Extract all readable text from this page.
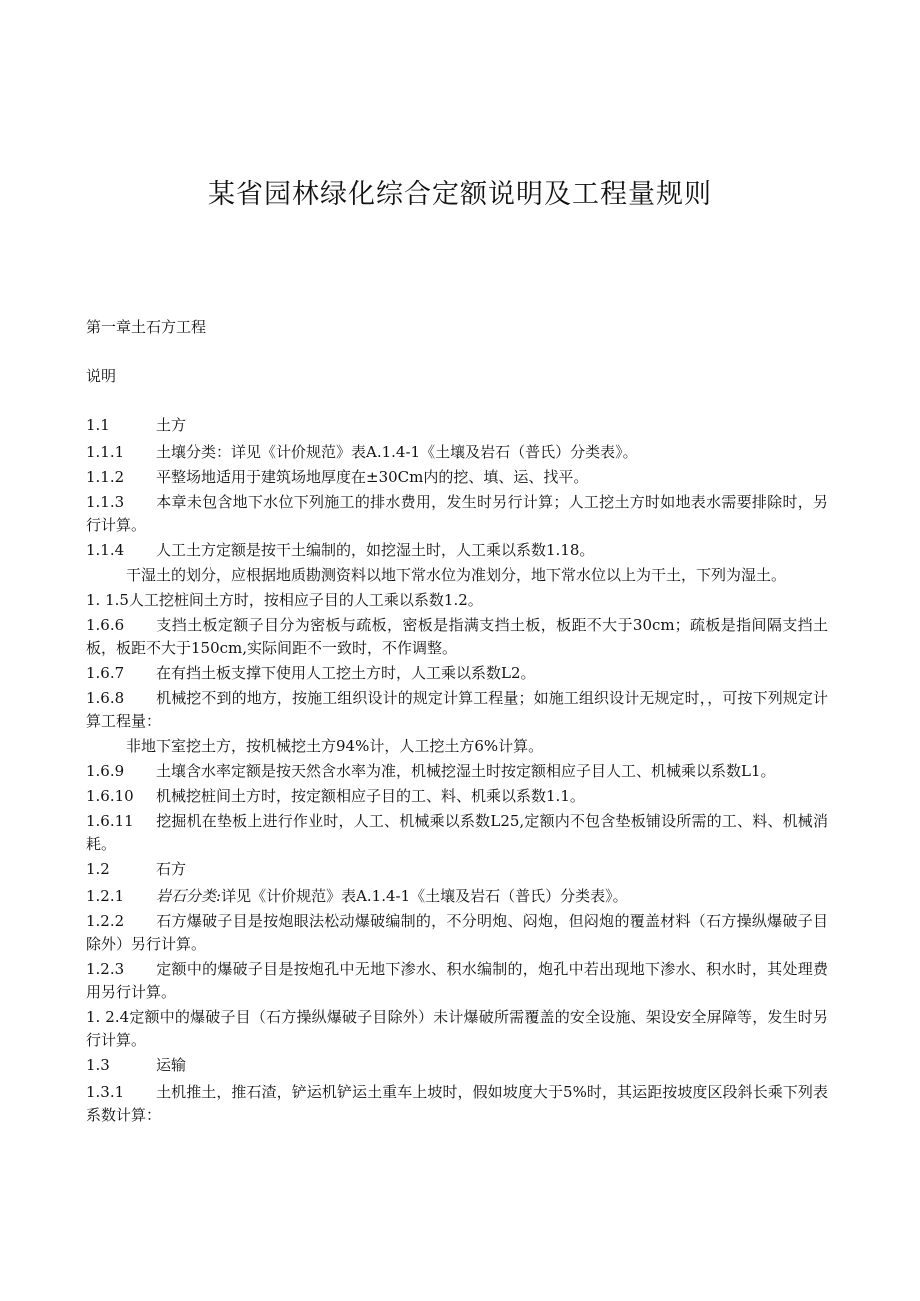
某省园林绿化综合定额说明及工程量规则
第一章土石方工程
说明

1.1	土方

1.1.1 土壤分类：详见《计价规范》表A.1.4-1《土壤及岩石（普氏）分类表》。

1.1.2 平整场地适用于建筑场地厚度在±30Cm内的挖、填、运、找平。

1.1.3 本章未包含地下水位下列施工的排水费用，发生时另行计算；人工挖土方时如地表水需要排除时，另行计算。

1.1.4 人工土方定额是按干土编制的，如挖湿土时，人工乘以系数1.18。

干湿土的划分，应根据地质勘测资料以地下常水位为准划分，地下常水位以上为干土，下列为湿土。

1. 1.5人工挖桩间土方时，按相应子目的人工乘以系数1.2。

1.6.6 支挡土板定额子目分为密板与疏板，密板是指满支挡土板，板距不大于30cm；疏板是指间隔支挡土板，板距不大于150cm,实际间距不一致时，不作调整。

1.6.7 在有挡土板支撑下使用人工挖土方时，人工乘以系数L2。

1.6.8 机械挖不到的地方，按施工组织设计的规定计算工程量；如施工组织设计无规定时，，可按下列规定计算工程量：

非地下室挖土方，按机械挖土方94%计，人工挖土方6%计算。

1.6.9 土壤含水率定额是按天然含水率为准，机械挖湿土时按定额相应子目人工、机械乘以系数L1。

1.6.10 机械挖桩间土方时，按定额相应子目的工、料、机乘以系数1.1。

1.6.11 挖掘机在垫板上进行作业时，人工、机械乘以系数L25,定额内不包含垫板铺设所需的工、料、机械消耗。

1.2	石方

1.2.1 岩石分类:详见《计价规范》表A.1.4-1《土壤及岩石（普氏）分类表》。

1.2.2 石方爆破子目是按炮眼法松动爆破编制的，不分明炮、闷炮，但闷炮的覆盖材料（石方操纵爆破子目除外）另行计算。

1.2.3 定额中的爆破子目是按炮孔中无地下渗水、积水编制的，炮孔中若出现地下渗水、积水时，其处理费用另行计算。

1. 2.4定额中的爆破子目（石方操纵爆破子目除外）未计爆破所需覆盖的安全设施、架设安全屏障等，发生时另行计算。

1.3	运输

1.3.1 土机推土，推石渣，铲运机铲运土重车上坡时，假如坡度大于5%时，其运距按坡度区段斜长乘下列表系数计算：
